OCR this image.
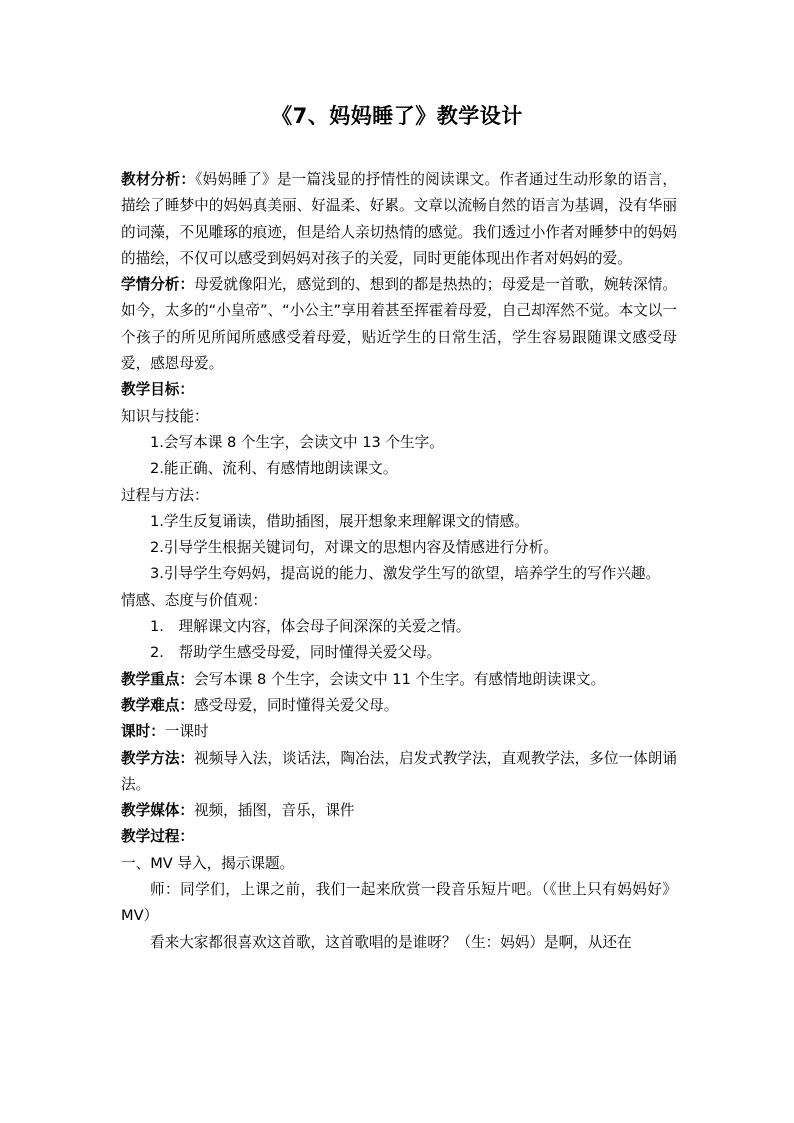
《7、妈妈睡了》教学设计

教材分析：《妈妈睡了》是一篇浅显的抒情性的阅读课文。作者通过生动形象的语言，描绘了睡梦中的妈妈真美丽、好温柔、好累。文章以流畅自然的语言为基调，没有华丽的词藻，不见雕琢的痕迹，但是给人亲切热情的感觉。我们透过小作者对睡梦中的妈妈的描绘，不仅可以感受到妈妈对孩子的关爱，同时更能体现出作者对妈妈的爱。

学情分析：母爱就像阳光，感觉到的、想到的都是热热的；母爱是一首歌，婉转深情。如今，太多的“小皇帝”、“小公主”享用着甚至挥霍着母爱，自己却浑然不觉。本文以一个孩子的所见所闻所感感受着母爱，贴近学生的日常生活，学生容易跟随课文感受母爱，感恩母爱。

教学目标：

知识与技能：

1.会写本课 8 个生字，会读文中 13 个生字。

2.能正确、流利、有感情地朗读课文。

过程与方法：

1.学生反复诵读，借助插图，展开想象来理解课文的情感。

2.引导学生根据关键词句，对课文的思想内容及情感进行分析。

3.引导学生夸妈妈，提高说的能力、激发学生写的欲望，培养学生的写作兴趣。

情感、态度与价值观：

1.　理解课文内容，体会母子间深深的关爱之情。

2.　帮助学生感受母爱，同时懂得关爱父母。

教学重点：会写本课 8 个生字，会读文中 11 个生字。有感情地朗读课文。

教学难点：感受母爱，同时懂得关爱父母。

课时：一课时

教学方法：视频导入法，谈话法，陶冶法，启发式教学法，直观教学法，多位一体朗诵法。

教学媒体：视频，插图，音乐，课件

教学过程：

一、MV 导入，揭示课题。

师：同学们，上课之前，我们一起来欣赏一段音乐短片吧。（《世上只有妈妈好》MV）

看来大家都很喜欢这首歌，这首歌唱的是谁呀？（生：妈妈）是啊，从还在
